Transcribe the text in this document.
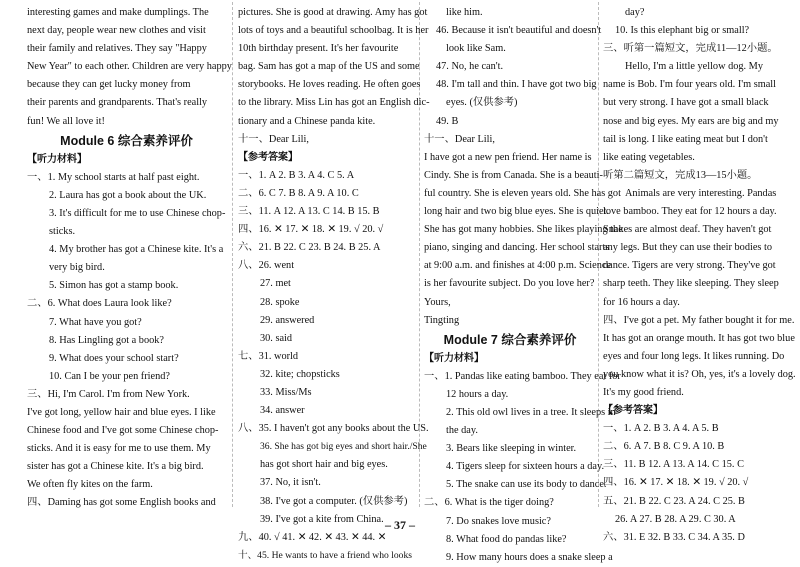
interesting games and make dumplings. The
next day, people wear new clothes and visit
their family and relatives. They say "Happy
New Year" to each other. Children are very happy
because they can get lucky money from
their parents and grandparents. That's really
fun! We all love it!
Module 6 综合素养评价
【听力材料】
一、1. My school starts at half past eight.
2. Laura has got a book about the UK.
3. It's difficult for me to use Chinese chop-
sticks.
4. My brother has got a Chinese kite. It's a
very big bird.
5. Simon has got a stamp book.
二、6. What does Laura look like?
7. What have you got?
8. Has Lingling got a book?
9. What does your school start?
10. Can I be your pen friend?
三、Hi, I'm Carol. I'm from New York.
I've got long, yellow hair and blue eyes. I like
Chinese food and I've got some Chinese chop-
sticks. And it is easy for me to use them. My
sister has got a Chinese kite. It's a big bird.
We often fly kites on the farm.
四、Daming has got some English books and
pictures. She is good at drawing. Amy has got
lots of toys and a beautiful schoolbag. It is her
10th birthday present. It's her favourite
bag. Sam has got a map of the US and some
storybooks. He loves reading. He often goes
to the library. Miss Lin has got an English dic-
tionary and a Chinese panda kite.
十一、Dear Lili,
【参考答案】
一、1. A 2. B 3. A 4. C 5. A
二、6. C 7. B 8. A 9. A 10. C
三、11. A 12. A 13. C 14. B 15. B
四、16. ✕ 17. ✕ 18. ✕ 19. √ 20. √
六、21. B 22. C 23. B 24. B 25. A
八、26. went
27. met
28. spoke
29. answered
30. said
七、31. world
32. kite; chopsticks
33. Miss/Ms
34. answer
八、35. I haven't got any books about the US.
36. She has got big eyes and short hair./She
has got short hair and big eyes.
37. No, it isn't.
38. I've got a computer. (仅供参考)
39. I've got a kite from China.
九、40. √ 41. ✕ 42. ✕ 43. ✕ 44. ✕
十、45. He wants to have a friend who looks
like him.
46. Because it isn't beautiful and doesn't
look like Sam.
47. No, he can't.
48. I'm tall and thin. I have got two big
eyes. (仅供参考)
49. B
十一、Dear Lili,
I have got a new pen friend. Her name is
Cindy. She is from Canada. She is a beauti-
ful country. She is eleven years old. She has got
long hair and two big blue eyes. She is quiet.
She has got many hobbies. She likes playing the
piano, singing and dancing. Her school starts
at 9:00 a.m. and finishes at 4:00 p.m. Science
is her favourite subject. Do you love her?
Yours,
Tingting
Module 7 综合素养评价
【听力材料】
一、1. Pandas like eating bamboo. They eat for
12 hours a day.
2. This old owl lives in a tree. It sleeps in
the day.
3. Bears like sleeping in winter.
4. Tigers sleep for sixteen hours a day.
5. The snake can use its body to dance.
二、6. What is the tiger doing?
7. Do snakes love music?
8. What food do pandas like?
9. How many hours does a snake sleep a
day?
10. Is this elephant big or small?
三、听第一篇短文，完成11—12小题。
Hello, I'm a little yellow dog. My
name is Bob. I'm four years old. I'm small
but very strong. I have got a small black
nose and big eyes. My ears are big and my
tail is long. I like eating meat but I don't
like eating vegetables.
听第二篇短文，完成13—15小题。
Animals are very interesting. Pandas
love bamboo. They eat for 12 hours a day.
Snakes are almost deaf. They haven't got
any legs. But they can use their bodies to
dance. Tigers are very strong. They've got
sharp teeth. They like sleeping. They sleep
for 16 hours a day.
四、I've got a pet. My father bought it for me.
It has got an orange mouth. It has got two blue
eyes and four long legs. It likes running. Do
you know what it is? Oh, yes, it's a lovely dog.
It's my good friend.
【参考答案】
一、1. A 2. B 3. A 4. A 5. B
二、6. A 7. B 8. C 9. A 10. B
三、11. B 12. A 13. A 14. C 15. C
四、16. ✕ 17. ✕ 18. ✕ 19. √ 20. √
五、21. B 22. C 23. A 24. C 25. B
26. A 27. B 28. A 29. C 30. A
六、31. E 32. B 33. C 34. A 35. D
– 37 –
